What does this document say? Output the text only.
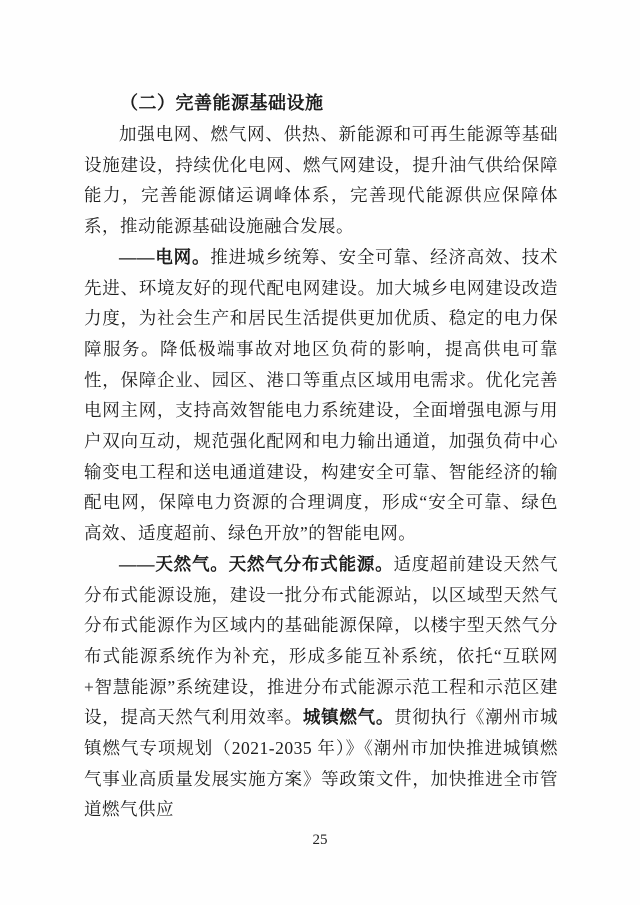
（二）完善能源基础设施

加强电网、燃气网、供热、新能源和可再生能源等基础设施建设，持续优化电网、燃气网建设，提升油气供给保障能力，完善能源储运调峰体系，完善现代能源供应保障体系，推动能源基础设施融合发展。

——电网。推进城乡统筹、安全可靠、经济高效、技术先进、环境友好的现代配电网建设。加大城乡电网建设改造力度，为社会生产和居民生活提供更加优质、稳定的电力保障服务。降低极端事故对地区负荷的影响，提高供电可靠性，保障企业、园区、港口等重点区域用电需求。优化完善电网主网，支持高效智能电力系统建设，全面增强电源与用户双向互动，规范强化配网和电力输出通道，加强负荷中心输变电工程和送电通道建设，构建安全可靠、智能经济的输配电网，保障电力资源的合理调度，形成“安全可靠、绿色高效、适度超前、绿色开放”的智能电网。

——天然气。天然气分布式能源。适度超前建设天然气分布式能源设施，建设一批分布式能源站，以区域型天然气分布式能源作为区域内的基础能源保障，以楼宇型天然气分布式能源系统作为补充，形成多能互补系统，依托“互联网+智慧能源”系统建设，推进分布式能源示范工程和示范区建设，提高天然气利用效率。城镇燃气。贯彻执行《潮州市城镇燃气专项规划（2021-2035 年）》《潮州市加快推进城镇燃气事业高质量发展实施方案》等政策文件，加快推进全市管道燃气供应

25
